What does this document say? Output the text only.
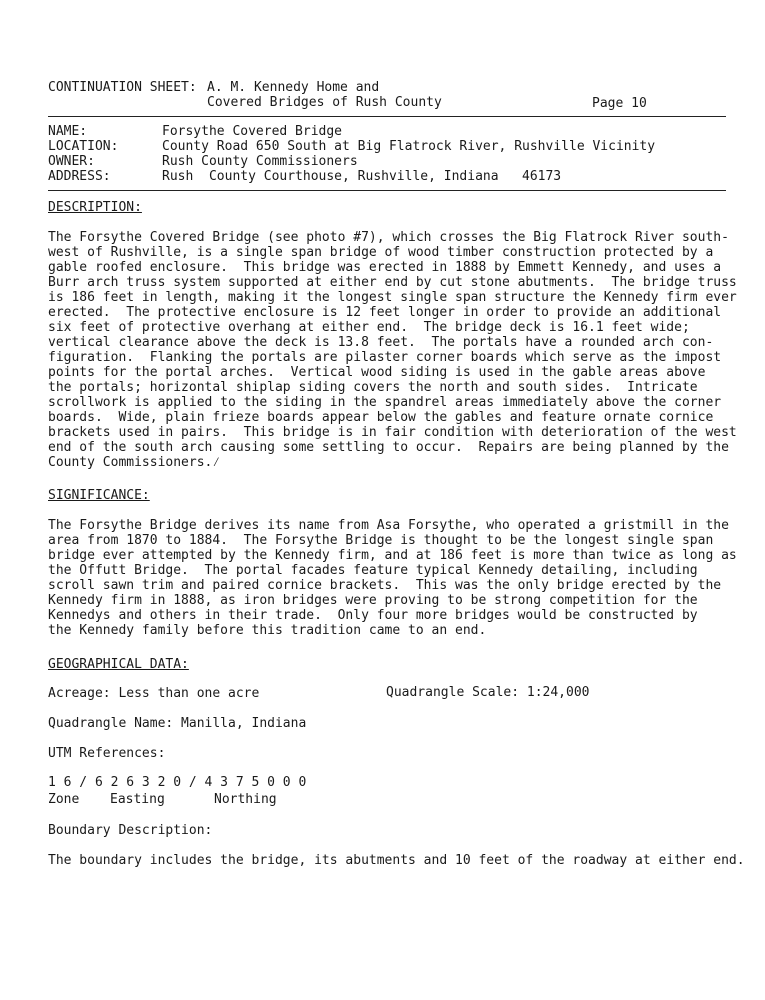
CONTINUATION SHEET: A. M. Kennedy Home and
Covered Bridges of Rush County	Page 10
NAME:	Forsythe Covered Bridge
LOCATION:	County Road 650 South at Big Flatrock River, Rushville Vicinity
OWNER:	Rush County Commissioners
ADDRESS:	Rush  County Courthouse, Rushville, Indiana 46173
DESCRIPTION:
The Forsythe Covered Bridge (see photo #7), which crosses the Big Flatrock River south-
west of Rushville, is a single span bridge of wood timber construction protected by a
gable roofed enclosure.  This bridge was erected in 1888 by Emmett Kennedy, and uses a
Burr arch truss system supported at either end by cut stone abutments.  The bridge truss
is 186 feet in length, making it the longest single span structure the Kennedy firm ever
erected.  The protective enclosure is 12 feet longer in order to provide an additional
six feet of protective overhang at either end.  The bridge deck is 16.1 feet wide;
vertical clearance above the deck is 13.8 feet.  The portals have a rounded arch con-
figuration.  Flanking the portals are pilaster corner boards which serve as the impost
points for the portal arches.  Vertical wood siding is used in the gable areas above
the portals; horizontal shiplap siding covers the north and south sides.  Intricate
scrollwork is applied to the siding in the spandrel areas immediately above the corner
boards.  Wide, plain frieze boards appear below the gables and feature ornate cornice
brackets used in pairs.  This bridge is in fair condition with deterioration of the west
end of the south arch causing some settling to occur.  Repairs are being planned by the
County Commissioners.⁄
SIGNIFICANCE:
The Forsythe Bridge derives its name from Asa Forsythe, who operated a gristmill in the
area from 1870 to 1884.  The Forsythe Bridge is thought to be the longest single span
bridge ever attempted by the Kennedy firm, and at 186 feet is more than twice as long as
the Offutt Bridge.  The portal facades feature typical Kennedy detailing, including
scroll sawn trim and paired cornice brackets.  This was the only bridge erected by the
Kennedy firm in 1888, as iron bridges were proving to be strong competition for the
Kennedys and others in their trade.  Only four more bridges would be constructed by
the Kennedy family before this tradition came to an end.
GEOGRAPHICAL DATA:
Acreage: Less than one acre	Quadrangle Scale: 1:24,000
Quadrangle Name: Manilla, Indiana
UTM References:
1 6 / 6 2 6 3 2 0 / 4 3 7 5 0 0 0
Zone Easting	Northing
Boundary Description:
The boundary includes the bridge, its abutments and 10 feet of the roadway at either end.
